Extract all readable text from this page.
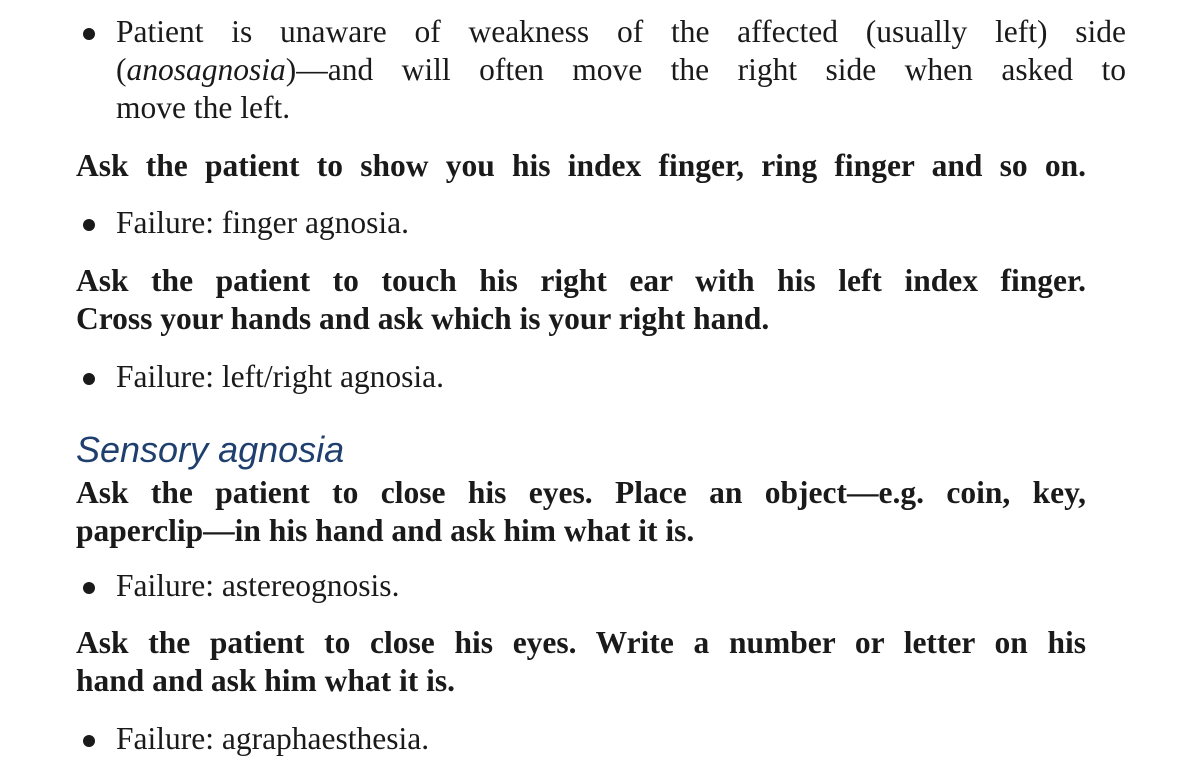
Patient is unaware of weakness of the affected (usually left) side
(anosagnosia)—and will often move the right side when asked to
move the left.
Ask the patient to show you his index finger, ring finger and so on.
Failure: finger agnosia.
Ask the patient to touch his right ear with his left index finger.
Cross your hands and ask which is your right hand.
Failure: left/right agnosia.
Sensory agnosia
Ask the patient to close his eyes. Place an object—e.g. coin, key,
paperclip—in his hand and ask him what it is.
Failure: astereognosis.
Ask the patient to close his eyes. Write a number or letter on his
hand and ask him what it is.
Failure: agraphaesthesia.
